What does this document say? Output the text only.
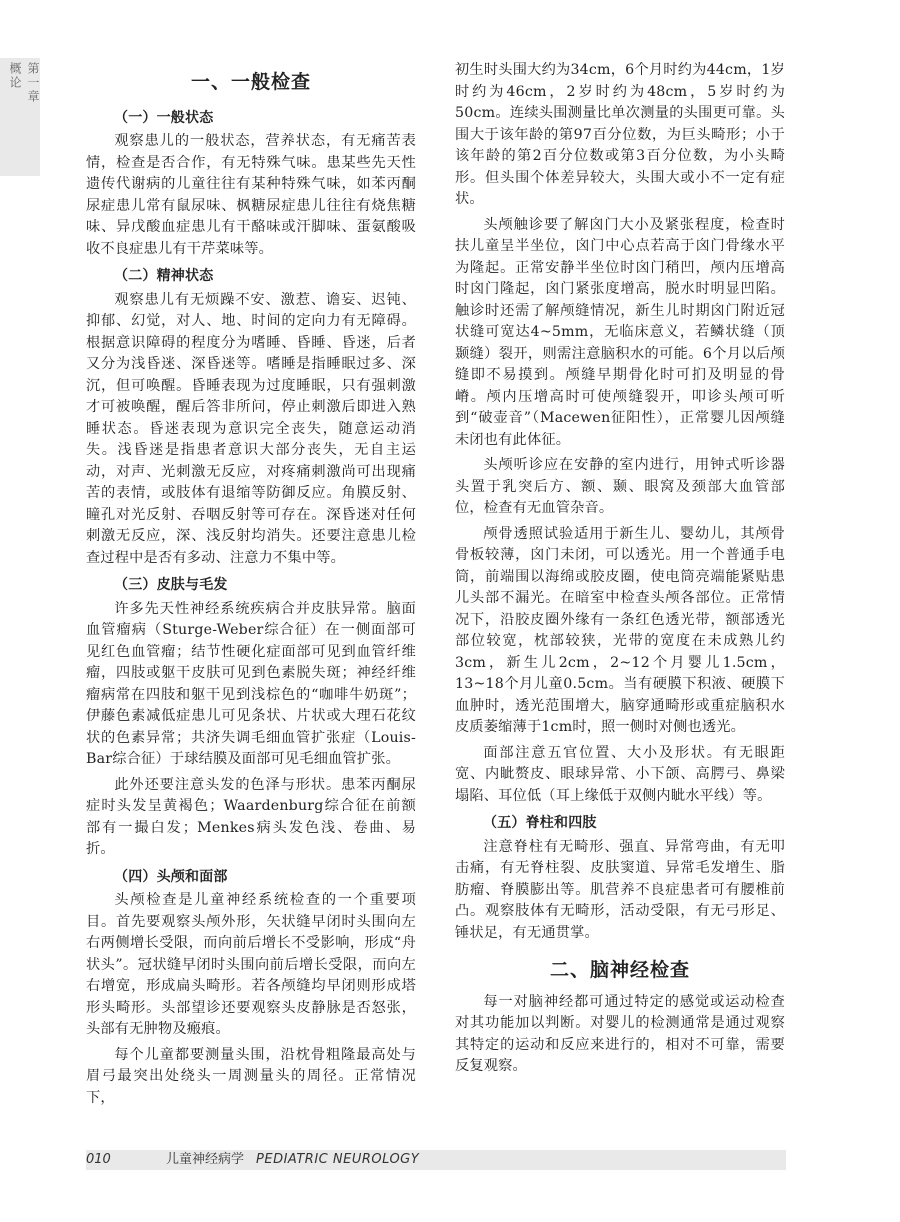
第一章
概论	一、一般检查
（一）一般状态

观察患儿的一般状态，营养状态，有无痛苦表情，检查是否合作，有无特殊气味。患某些先天性遗传代谢病的儿童往往有某种特殊气味，如苯丙酮尿症患儿常有鼠尿味、枫糖尿症患儿往往有烧焦糖味、异戊酸血症患儿有干酪味或汗脚味、蛋氨酸吸收不良症患儿有干芹菜味等。

（二）精神状态

观察患儿有无烦躁不安、激惹、谵妄、迟钝、抑郁、幻觉，对人、地、时间的定向力有无障碍。根据意识障碍的程度分为嗜睡、昏睡、昏迷，后者又分为浅昏迷、深昏迷等。嗜睡是指睡眠过多、深沉，但可唤醒。昏睡表现为过度睡眠，只有强刺激才可被唤醒，醒后答非所问，停止刺激后即进入熟睡状态。昏迷表现为意识完全丧失，随意运动消失。浅昏迷是指患者意识大部分丧失，无自主运动，对声、光刺激无反应，对疼痛刺激尚可出现痛苦的表情，或肢体有退缩等防御反应。角膜反射、瞳孔对光反射、吞咽反射等可存在。深昏迷对任何刺激无反应，深、浅反射均消失。还要注意患儿检查过程中是否有多动、注意力不集中等。

（三）皮肤与毛发

许多先天性神经系统疾病合并皮肤异常。脑面血管瘤病（Sturge-Weber综合征）在一侧面部可见红色血管瘤；结节性硬化症面部可见到血管纤维瘤，四肢或躯干皮肤可见到色素脱失斑；神经纤维瘤病常在四肢和躯干见到浅棕色的“咖啡牛奶斑”；伊藤色素减低症患儿可见条状、片状或大理石花纹状的色素异常；共济失调毛细血管扩张症（Louis-Bar综合征）于球结膜及面部可见毛细血管扩张。

此外还要注意头发的色泽与形状。患苯丙酮尿症时头发呈黄褐色；Waardenburg综合征在前额部有一撮白发；Menkes病头发色浅、卷曲、易折。

（四）头颅和面部

头颅检查是儿童神经系统检查的一个重要项目。首先要观察头颅外形，矢状缝早闭时头围向左右两侧增长受限，而向前后增长不受影响，形成“舟状头”。冠状缝早闭时头围向前后增长受限，而向左右增宽，形成扁头畸形。若各颅缝均早闭则形成塔形头畸形。头部望诊还要观察头皮静脉是否怒张，头部有无肿物及瘢痕。

每个儿童都要测量头围，沿枕骨粗隆最高处与眉弓最突出处绕头一周测量头的周径。正常情况下，

初生时头围大约为34cm，6个月时约为44cm，1岁时约为46cm，2岁时约为48cm，5岁时约为50cm。连续头围测量比单次测量的头围更可靠。头围大于该年龄的第97百分位数，为巨头畸形；小于该年龄的第2百分位数或第3百分位数，为小头畸形。但头围个体差异较大，头围大或小不一定有症状。

头颅触诊要了解囟门大小及紧张程度，检查时扶儿童呈半坐位，囟门中心点若高于囟门骨缘水平为隆起。正常安静半坐位时囟门稍凹，颅内压增高时囟门隆起，囟门紧张度增高，脱水时明显凹陷。触诊时还需了解颅缝情况，新生儿时期囟门附近冠状缝可宽达4~5mm，无临床意义，若鳞状缝（顶颞缝）裂开，则需注意脑积水的可能。6个月以后颅缝即不易摸到。颅缝早期骨化时可扪及明显的骨嵴。颅内压增高时可使颅缝裂开，叩诊头颅可听到“破壶音”（Macewen征阳性），正常婴儿因颅缝未闭也有此体征。

头颅听诊应在安静的室内进行，用钟式听诊器头置于乳突后方、额、颞、眼窝及颈部大血管部位，检查有无血管杂音。

颅骨透照试验适用于新生儿、婴幼儿，其颅骨骨板较薄，囟门未闭，可以透光。用一个普通手电筒，前端围以海绵或胶皮圈，使电筒亮端能紧贴患儿头部不漏光。在暗室中检查头颅各部位。正常情况下，沿胶皮圈外缘有一条红色透光带，额部透光部位较宽，枕部较狭，光带的宽度在未成熟儿约3cm，新生儿2cm，2~12个月婴儿1.5cm，13~18个月儿童0.5cm。当有硬膜下积液、硬膜下血肿时，透光范围增大，脑穿通畸形或重症脑积水皮质萎缩薄于1cm时，照一侧时对侧也透光。

面部注意五官位置、大小及形状。有无眼距宽、内眦赘皮、眼球异常、小下颌、高腭弓、鼻梁塌陷、耳位低（耳上缘低于双侧内眦水平线）等。

（五）脊柱和四肢

注意脊柱有无畸形、强直、异常弯曲，有无叩击痛，有无脊柱裂、皮肤窦道、异常毛发增生、脂肪瘤、脊膜膨出等。肌营养不良症患者可有腰椎前凸。观察肢体有无畸形，活动受限，有无弓形足、锤状足，有无通贯掌。

二、脑神经检查

每一对脑神经都可通过特定的感觉或运动检查对其功能加以判断。对婴儿的检测通常是通过观察其特定的运动和反应来进行的，相对不可靠，需要反复观察。

010	儿童神经病学 PEDIATRIC NEUROLOGY
